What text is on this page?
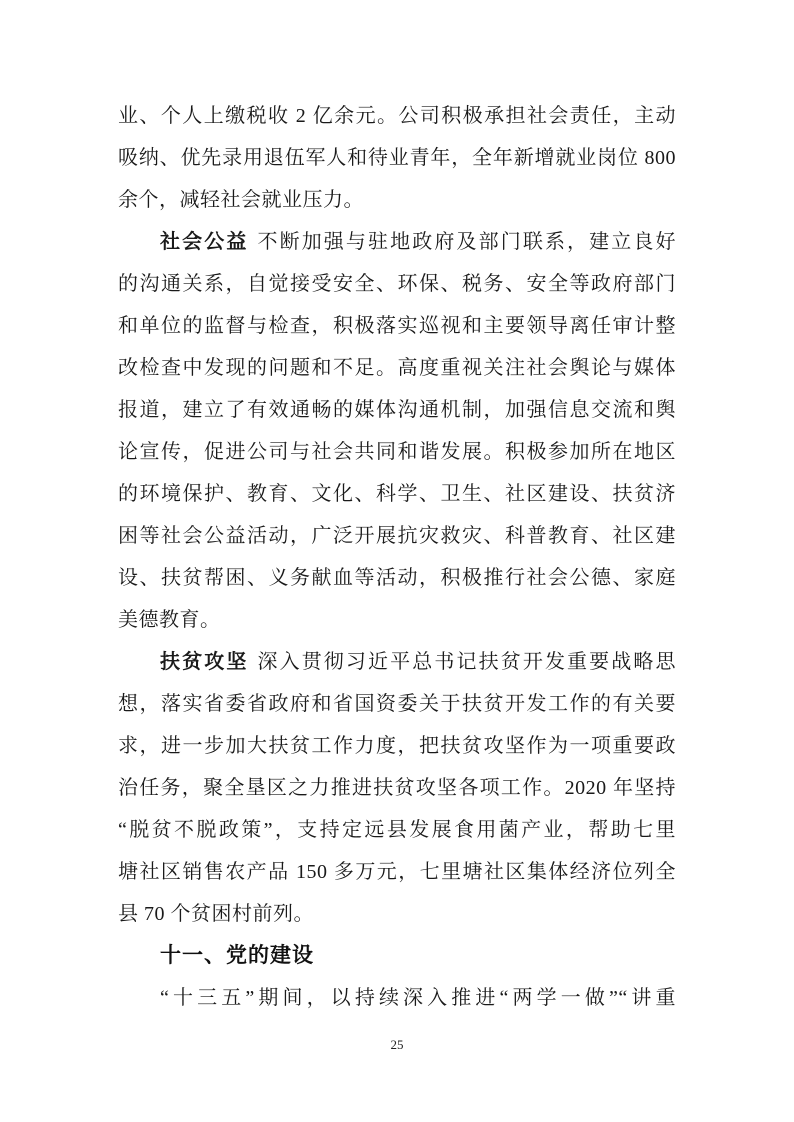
业、个人上缴税收 2 亿余元。公司积极承担社会责任，主动
吸纳、优先录用退伍军人和待业青年，全年新增就业岗位 800
余个，减轻社会就业压力。
社会公益 不断加强与驻地政府及部门联系，建立良好
的沟通关系，自觉接受安全、环保、税务、安全等政府部门
和单位的监督与检查，积极落实巡视和主要领导离任审计整
改检查中发现的问题和不足。高度重视关注社会舆论与媒体
报道，建立了有效通畅的媒体沟通机制，加强信息交流和舆
论宣传，促进公司与社会共同和谐发展。积极参加所在地区
的环境保护、教育、文化、科学、卫生、社区建设、扶贫济
困等社会公益活动，广泛开展抗灾救灾、科普教育、社区建
设、扶贫帮困、义务献血等活动，积极推行社会公德、家庭
美德教育。
扶贫攻坚 深入贯彻习近平总书记扶贫开发重要战略思
想，落实省委省政府和省国资委关于扶贫开发工作的有关要
求，进一步加大扶贫工作力度，把扶贫攻坚作为一项重要政
治任务，聚全垦区之力推进扶贫攻坚各项工作。2020 年坚持
“脱贫不脱政策”，支持定远县发展食用菌产业，帮助七里
塘社区销售农产品 150 多万元，七里塘社区集体经济位列全
县 70 个贫困村前列。
十一、党的建设
“十三五”期间，以持续深入推进“两学一做”“讲重
25
